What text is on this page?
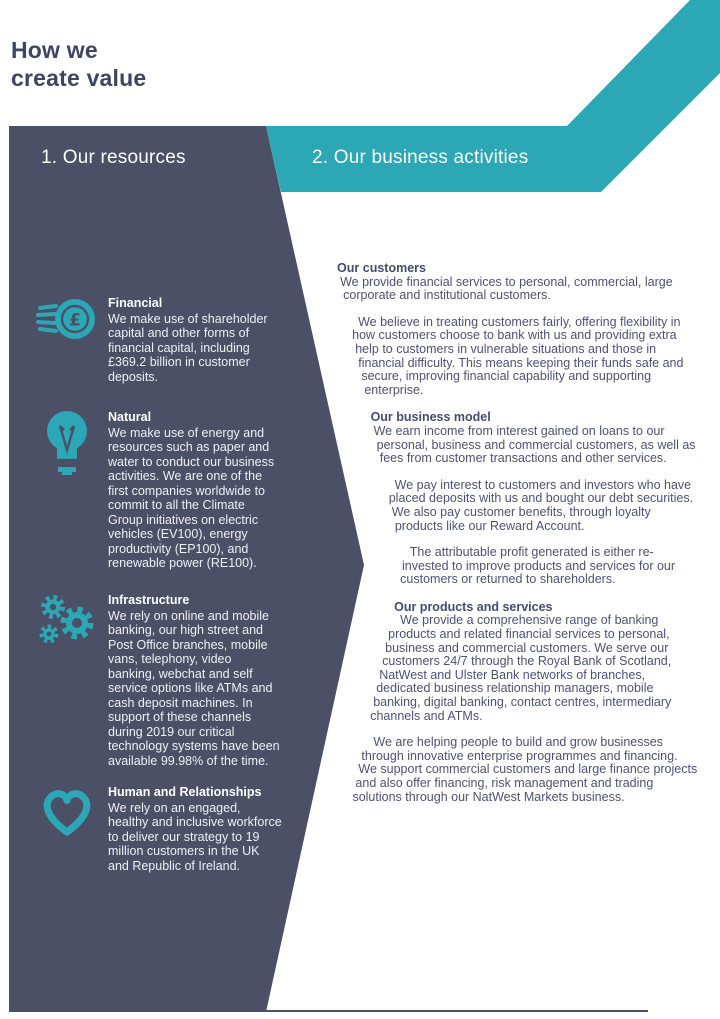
How we
create value
1. Our resources	2. Our business activities
£
Financial

We make use of shareholder capital and other forms of financial capital, including £369.2 billion in customer deposits.

Natural

We make use of energy and resources such as paper and water to conduct our business activities. We are one of the first companies worldwide to commit to all the Climate Group initiatives on electric vehicles (EV100), energy productivity (EP100), and renewable power (RE100).

Infrastructure

We rely on online and mobile banking, our high street and Post Office branches, mobile vans, telephony, video banking, webchat and self service options like ATMs and cash deposit machines. In support of these channels during 2019 our critical technology systems have been available 99.98% of the time.

Human and Relationships

We rely on an engaged, healthy and inclusive workforce to deliver our strategy to 19 million customers in the UK and Republic of Ireland.

Our customers

We provide financial services to personal, commercial, large corporate and institutional customers.

We believe in treating customers fairly, offering flexibility in how customers choose to bank with us and providing extra help to customers in vulnerable situations and those in financial difficulty. This means keeping their funds safe and secure, improving financial capability and supporting enterprise.

Our business model

We earn income from interest gained on loans to our personal, business and commercial customers, as well as fees from customer transactions and other services.

We pay interest to customers and investors who have placed deposits with us and bought our debt securities. We also pay customer benefits, through loyalty products like our Reward Account.

The attributable profit generated is either re-invested to improve products and services for our customers or returned to shareholders.

Our products and services

We provide a comprehensive range of banking products and related financial services to personal, business and commercial customers. We serve our customers 24/7 through the Royal Bank of Scotland, NatWest and Ulster Bank networks of branches, dedicated business relationship managers, mobile banking, digital banking, contact centres, intermediary channels and ATMs.

We are helping people to build and grow businesses through innovative enterprise programmes and financing. We support commercial customers and large finance projects and also offer financing, risk management and trading solutions through our NatWest Markets business.
